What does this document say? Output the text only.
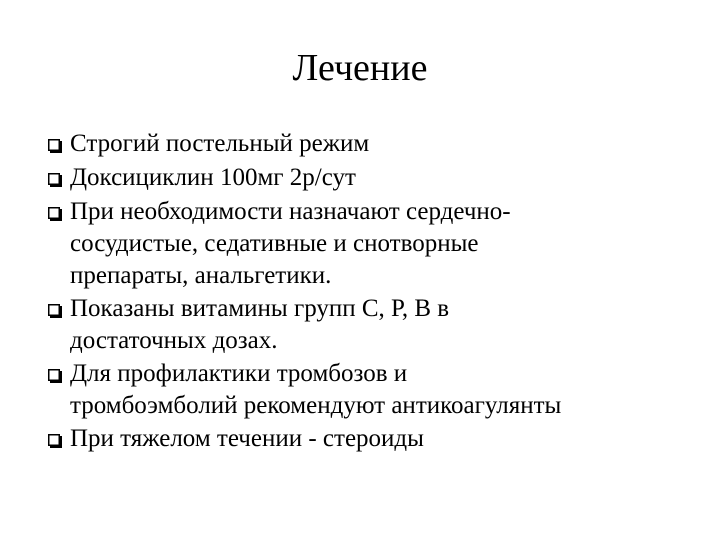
Лечение
Строгий постельный режим
Доксициклин 100мг 2р/сут
При необходимости назначают сердечно-
сосудистые, седативные и снотворные
препараты, анальгетики.
Показаны витамины групп С, Р, В в
достаточных дозах.
Для профилактики тромбозов и
тромбоэмболий рекомендуют антикоагулянты
При тяжелом течении - стероиды
